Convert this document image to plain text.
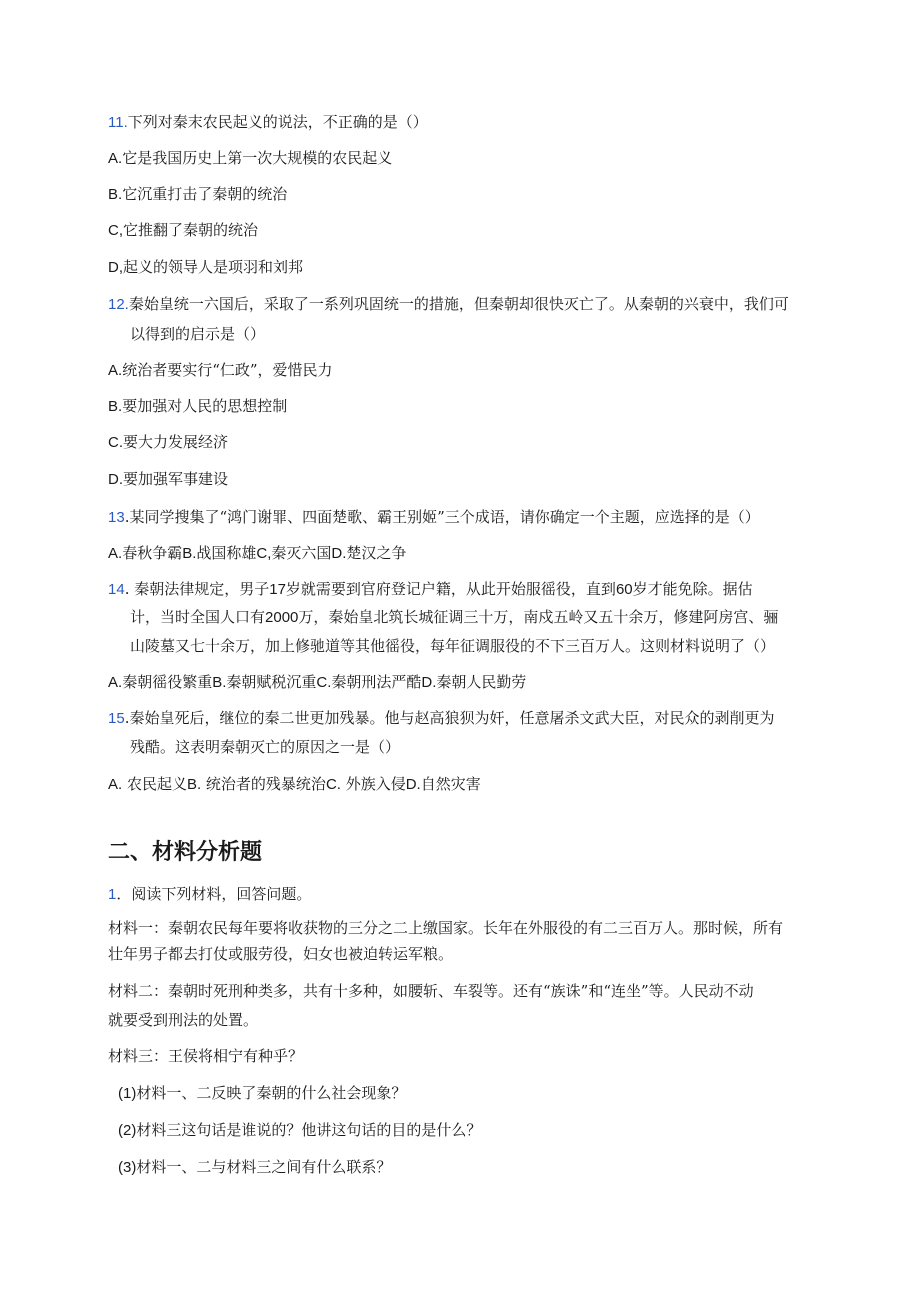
11.下列对秦末农民起义的说法，不正确的是（）
A.它是我国历史上第一次大规模的农民起义
B.它沉重打击了秦朝的统治
C,它推翻了秦朝的统治
D,起义的领导人是项羽和刘邦
12.秦始皇统一六国后，采取了一系列巩固统一的措施，但秦朝却很快灭亡了。从秦朝的兴衰中，我们可
以得到的启示是（）
A.统治者要实行“仁政”，爱惜民力
B.要加强对人民的思想控制
C.要大力发展经济
D.要加强军事建设
13.某同学搜集了“鸿门谢罪、四面楚歌、霸王别姬”三个成语，请你确定一个主题，应选择的是（）
A.春秋争霸B.战国称雄C,秦灭六国D.楚汉之争
14. 秦朝法律规定，男子17岁就需要到官府登记户籍，从此开始服徭役，直到60岁才能免除。据估
计，当时全国人口有2000万，秦始皇北筑长城征调三十万，南戍五岭又五十余万，修建阿房宫、骊
山陵墓又七十余万，加上修驰道等其他徭役，每年征调服役的不下三百万人。这则材料说明了（）
A.秦朝徭役繁重B.秦朝赋税沉重C.秦朝刑法严酷D.秦朝人民勤劳
15.秦始皇死后，继位的秦二世更加残暴。他与赵高狼狈为奸，任意屠杀文武大臣，对民众的剥削更为
残酷。这表明秦朝灭亡的原因之一是（）
A. 农民起义B. 统治者的残暴统治C. 外族入侵D.自然灾害
二、材料分析题
1．阅读下列材料，回答问题。
材料一：秦朝农民每年要将收获物的三分之二上缴国家。长年在外服役的有二三百万人。那时候，所有
壮年男子都去打仗或服劳役，妇女也被迫转运军粮。
材料二：秦朝时死刑种类多，共有十多种，如腰斩、车裂等。还有“族诛”和“连坐”等。人民动不动
就要受到刑法的处置。
材料三：王侯将相宁有种乎？
(1)材料一、二反映了秦朝的什么社会现象？
(2)材料三这句话是谁说的？他讲这句话的目的是什么？
(3)材料一、二与材料三之间有什么联系？
